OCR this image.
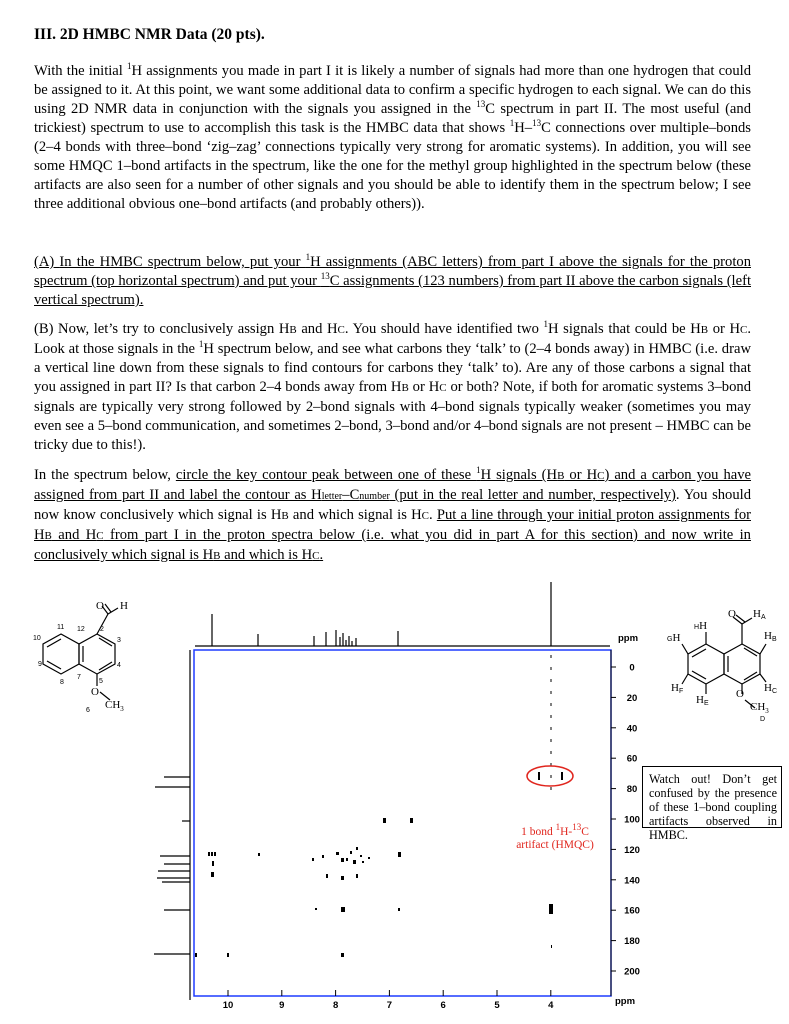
III. 2D HMBC NMR Data (20 pts).
With the initial $^1$H assignments you made in part I it is likely a number of signals had more than one hydrogen that could be assigned to it. At this point, we want some additional data to confirm a specific hydrogen to each signal. We can do this using 2D NMR data in conjunction with the signals you assigned in the $^{13}$C spectrum in part II. The most useful (and trickiest) spectrum to use to accomplish this task is the HMBC data that shows $^1$H–$^{13}$C connections over multiple–bonds (2–4 bonds with three–bond ‘zig–zag’ connections typically very strong for aromatic systems). In addition, you will see some HMQC 1–bond artifacts in the spectrum, like the one for the methyl group highlighted in the spectrum below (these artifacts are also seen for a number of other signals and you should be able to identify them in the spectrum below; I see three additional obvious one–bond artifacts (and probably others)).
(A) In the HMBC spectrum below, put your $^1$H assignments (ABC letters) from part I above the signals for the proton spectrum (top horizontal spectrum) and put your $^{13}$C assignments (123 numbers) from part II above the carbon signals (left vertical spectrum).
(B) Now, let’s try to conclusively assign HB and HC. You should have identified two $^1$H signals that could be HB or HC. Look at those signals in the $^1$H spectrum below, and see what carbons they ‘talk’ to (2–4 bonds away) in HMBC (i.e. draw a vertical line down from these signals to find contours for carbons they ‘talk’ to). Are any of those carbons a signal that you assigned in part II? Is that carbon 2–4 bonds away from HB or HC or both? Note, if both for aromatic systems 3–bond signals are typically very strong followed by 2–bond signals with 4–bond signals typically weaker (sometimes you may even see a 5–bond communication, and sometimes 2–bond, 3–bond and/or 4–bond signals are not present – HMBC can be tricky due to this!).
In the spectrum below, circle the key contour peak between one of these $^1$H signals (HB or HC) and a carbon you have assigned from part II and label the contour as Hletter–Cnumber (put in the real letter and number, respectively). You should now know conclusively which signal is HB and which signal is HC. Put a line through your initial proton assignments for HB and HC from part I in the proton spectra below (i.e. what you did in part A for this section) and now write in conclusively which signal is HB and which is HC.
0
20
40
60
80
100
120
140
160
180
200
ppm
10	9	8	7	6	5	4	ppm
O H
O
$CH_3$
11 12 2
3
4
5
6
7
8
9
10
O HA
HB
HC
O
$CH_3$
D
HE
HF
GH
HH
1 bond $^1$H-$^{13}$C
artifact (HMQC)
Watch out! Don’t get confused by the presence of these 1–bond coupling artifacts observed in HMBC.
